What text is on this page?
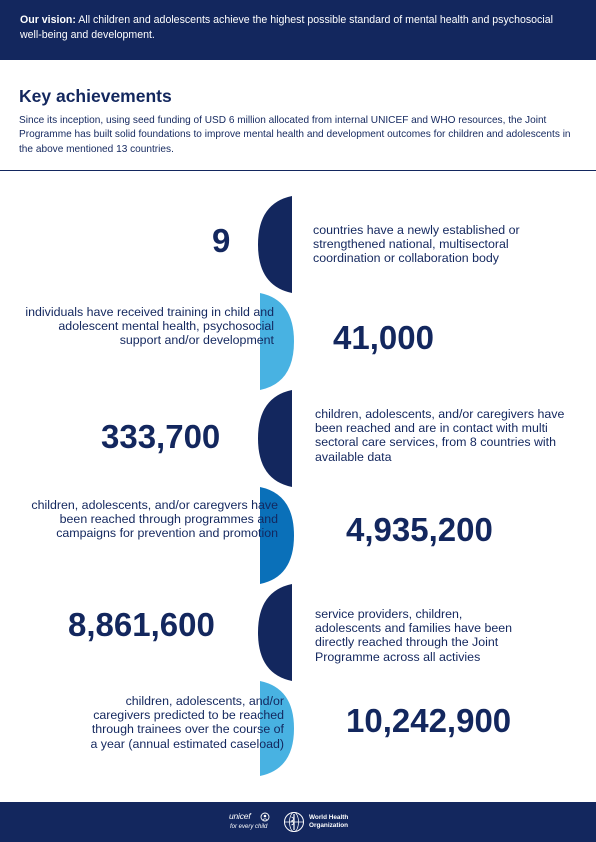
Our vision: All children and adolescents achieve the highest possible standard of mental health and psychosocial well-being and development.
Key achievements
Since its inception, using seed funding of USD 6 million allocated from internal UNICEF and WHO resources, the Joint Programme has built solid foundations to improve mental health and development outcomes for children and adolescents in the above mentioned 13 countries.
9	countries have a newly established or strengthened national, multisectoral coordination or collaboration body
individuals have received training in child and adolescent mental health, psychosocial support and/or development 41,000
333,700
children, adolescents, and/or caregivers have been reached and are in contact with multi sectoral care services, from 8 countries with available data
children, adolescents, and/or caregvers have been reached through programmes and campaigns for prevention and promotion 4,935,200
8,861,600	service providers, children, adolescents and families have been directly reached through the Joint Programme across all activies
children, adolescents, and/or caregivers predicted to be reached through trainees over the course of a year (annual estimated caseload)
10,242,900
unicef
for every child
World Health
Organization
